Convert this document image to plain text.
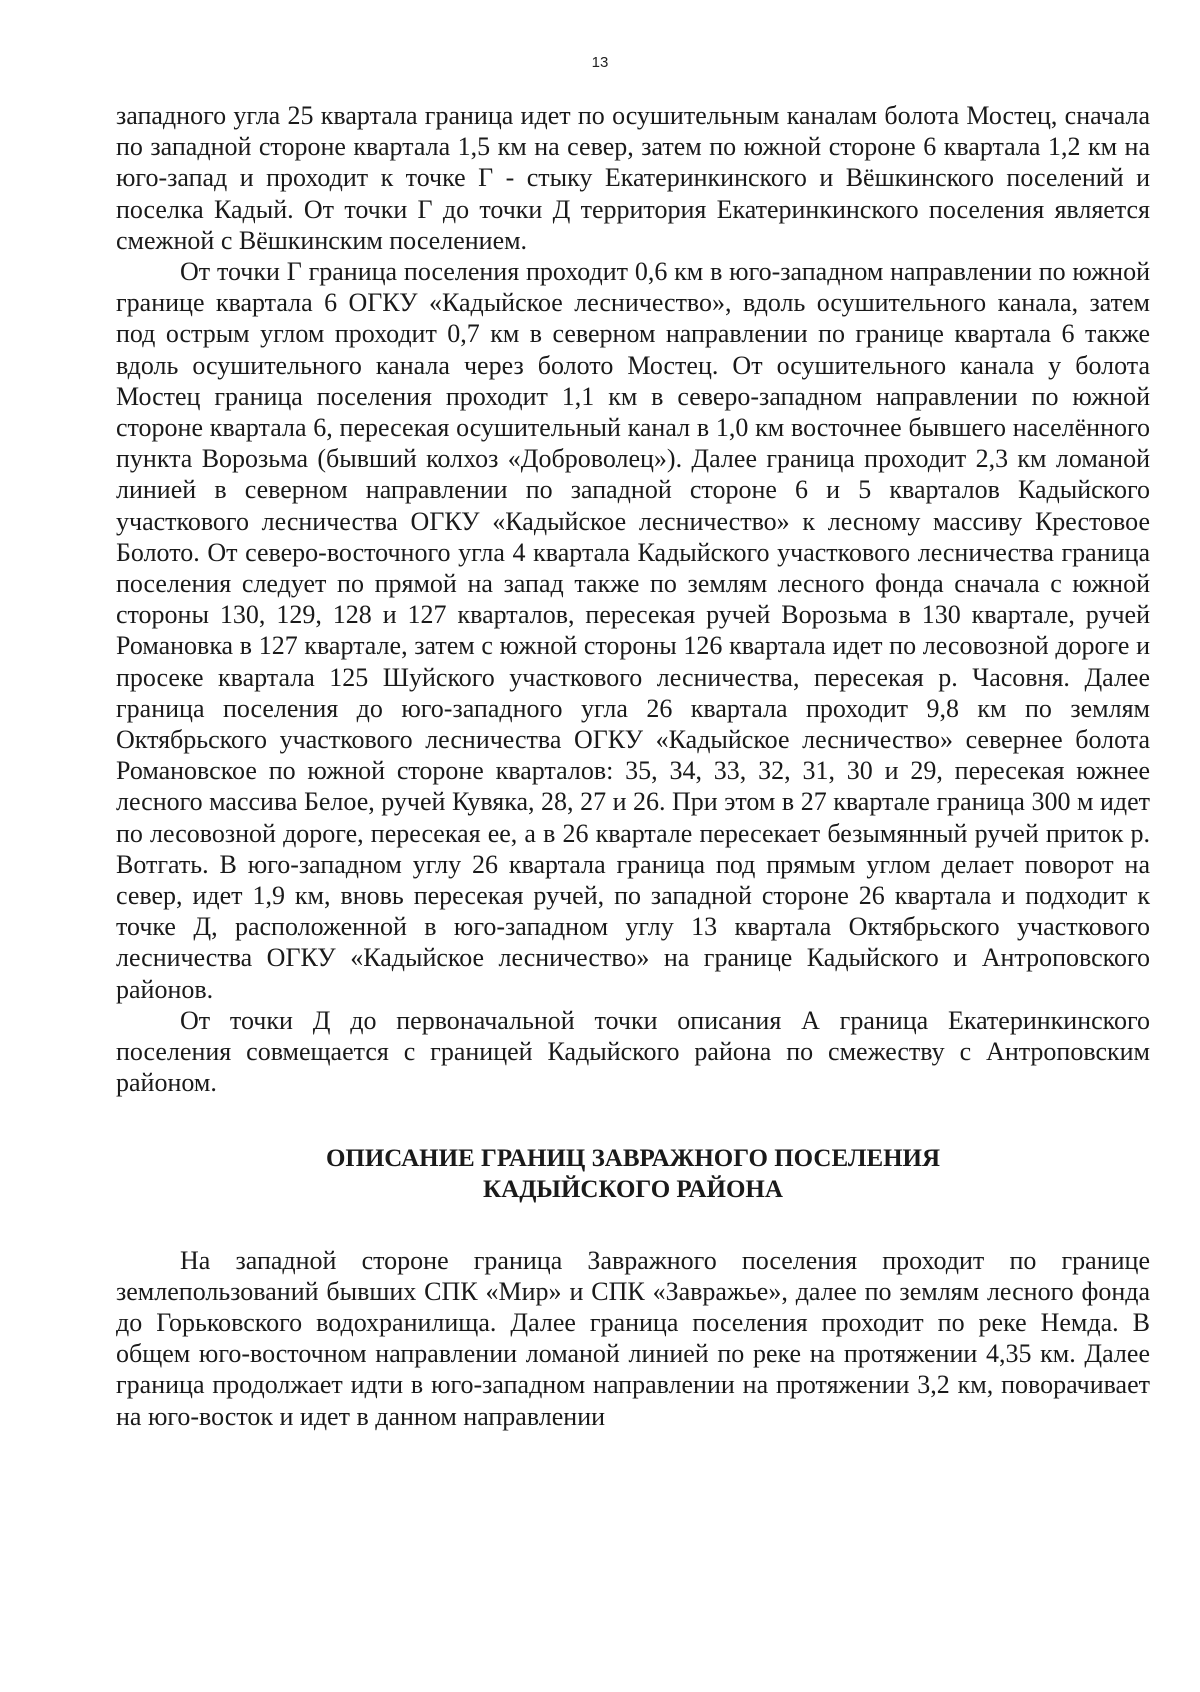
13

западного угла 25 квартала граница идет по осушительным каналам болота Мостец, сначала по западной стороне квартала 1,5 км на север, затем по южной стороне 6 квартала 1,2 км на юго-запад и проходит к точке Г - стыку Екатеринкинского и Вёшкинского поселений и поселка Кадый. От точки Г до точки Д территория Екатеринкинского поселения является смежной с Вёшкинским поселением.

От точки Г граница поселения проходит 0,6 км в юго-западном направлении по южной границе квартала 6 ОГКУ «Кадыйское лесничество», вдоль осушительного канала, затем под острым углом проходит 0,7 км в северном направлении по границе квартала 6 также вдоль осушительного канала через болото Мостец. От осушительного канала у болота Мостец граница поселения проходит 1,1 км в северо-западном направлении по южной стороне квартала 6, пересекая осушительный канал в 1,0 км восточнее бывшего населённого пункта Ворозьма (бывший колхоз «Доброволец»). Далее граница проходит 2,3 км ломаной линией в северном направлении по западной стороне 6 и 5 кварталов Кадыйского участкового лесничества ОГКУ «Кадыйское лесничество» к лесному массиву Крестовое Болото. От северо-восточного угла 4 квартала Кадыйского участкового лесничества граница поселения следует по прямой на запад также по землям лесного фонда сначала с южной стороны 130, 129, 128 и 127 кварталов, пересекая ручей Ворозьма в 130 квартале, ручей Романовка в 127 квартале, затем с южной стороны 126 квартала идет по лесовозной дороге и просеке квартала 125 Шуйского участкового лесничества, пересекая р. Часовня. Далее граница поселения до юго-западного угла 26 квартала проходит 9,8 км по землям Октябрьского участкового лесничества ОГКУ «Кадыйское лесничество» севернее болота Романовское по южной стороне кварталов: 35, 34, 33, 32, 31, 30 и 29, пересекая южнее лесного массива Белое, ручей Кувяка, 28, 27 и 26. При этом в 27 квартале граница 300 м идет по лесовозной дороге, пересекая ее, а в 26 квартале пересекает безымянный ручей приток р. Вотгать. В юго-западном углу 26 квартала граница под прямым углом делает поворот на север, идет 1,9 км, вновь пересекая ручей, по западной стороне 26 квартала и подходит к точке Д, расположенной в юго-западном углу 13 квартала Октябрьского участкового лесничества ОГКУ «Кадыйское лесничество» на границе Кадыйского и Антроповского районов.

От точки Д до первоначальной точки описания А граница Екатеринкинского поселения совмещается с границей Кадыйского района по смежеству с Антроповским районом.

ОПИСАНИЕ ГРАНИЦ ЗАВРАЖНОГО ПОСЕЛЕНИЯ
КАДЫЙСКОГО РАЙОНА

На западной стороне граница Завражного поселения проходит по границе землепользований бывших СПК «Мир» и СПК «Завражье», далее по землям лесного фонда до Горьковского водохранилища. Далее граница поселения проходит по реке Немда. В общем юго-восточном направлении ломаной линией по реке на протяжении 4,35 км. Далее граница продолжает идти в юго-западном направлении на протяжении 3,2 км, поворачивает на юго-восток и идет в данном направлении
